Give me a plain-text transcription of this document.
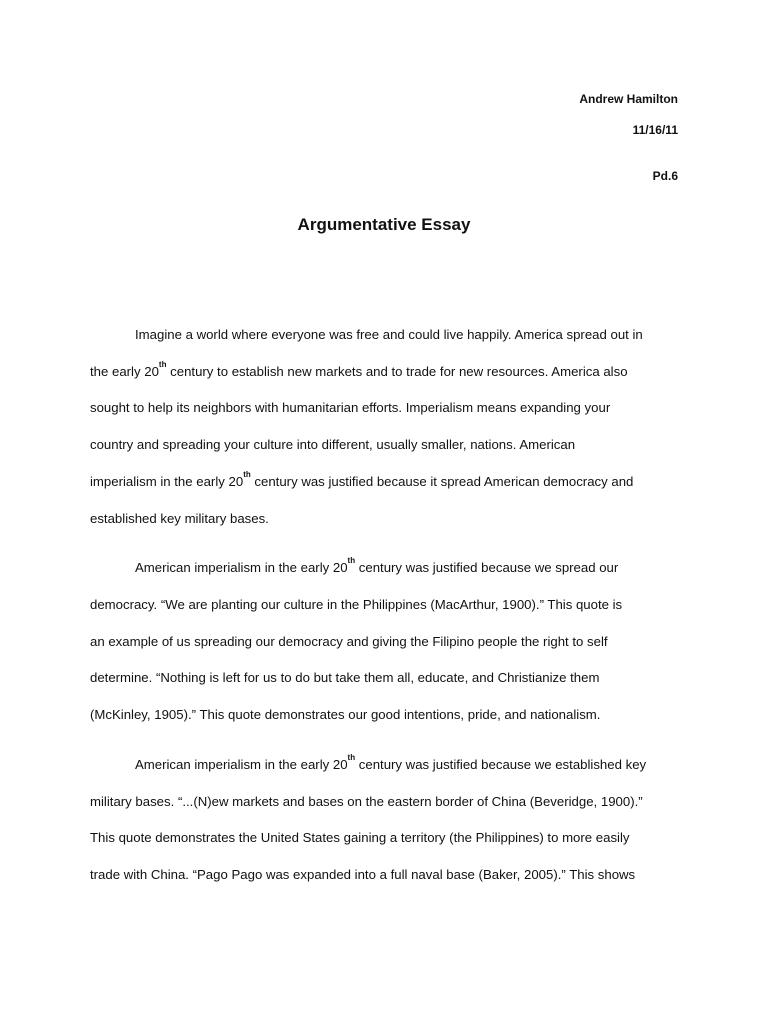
Andrew Hamilton
11/16/11
Pd.6
Argumentative Essay
Imagine a world where everyone was free and could live happily. America spread out in
the early 20th century to establish new markets and to trade for new resources. America also
sought to help its neighbors with humanitarian efforts. Imperialism means expanding your
country and spreading your culture into different, usually smaller, nations. American
imperialism in the early 20th century was justified because it spread American democracy and
established key military bases.
American imperialism in the early 20th century was justified because we spread our
democracy. “We are planting our culture in the Philippines (MacArthur, 1900).” This quote is
an example of us spreading our democracy and giving the Filipino people the right to self
determine. “Nothing is left for us to do but take them all, educate, and Christianize them
(McKinley, 1905).” This quote demonstrates our good intentions, pride, and nationalism.
American imperialism in the early 20th century was justified because we established key
military bases. “...(N)ew markets and bases on the eastern border of China (Beveridge, 1900).”
This quote demonstrates the United States gaining a territory (the Philippines) to more easily
trade with China. “Pago Pago was expanded into a full naval base (Baker, 2005).” This shows
